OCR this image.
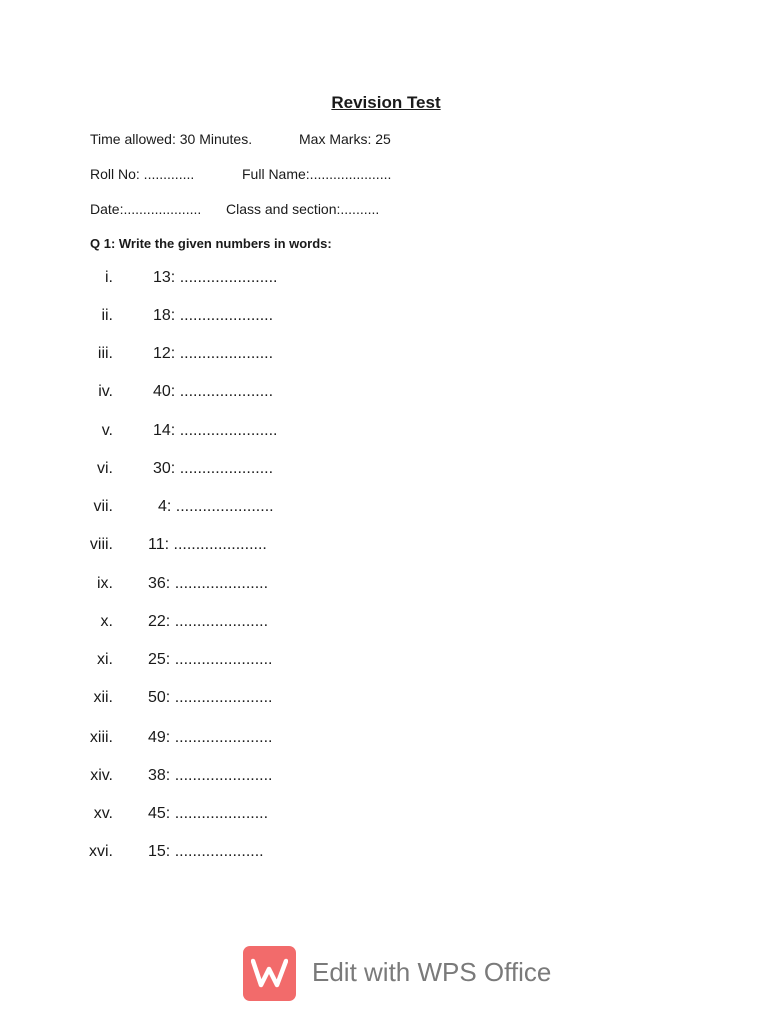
Revision Test
Time allowed: 30 Minutes.	Max Marks: 25
Roll No: .............	Full Name:.....................
Date:.................... Class and section:..........
Q 1: Write the given numbers in words:
i.	13: ......................
ii.	18: .....................
iii.	12: .....................
iv.	40: .....................
v.	14: ......................
vi.	30: .....................
vii.	4: ......................
viii. 11: .....................
ix. 36: .....................
x. 22: .....................
xi. 25: ......................
xii. 50: ......................
xiii. 49: ......................
xiv. 38: ......................
xv. 45: .....................
xvi. 15: ....................
Edit with WPS Office
